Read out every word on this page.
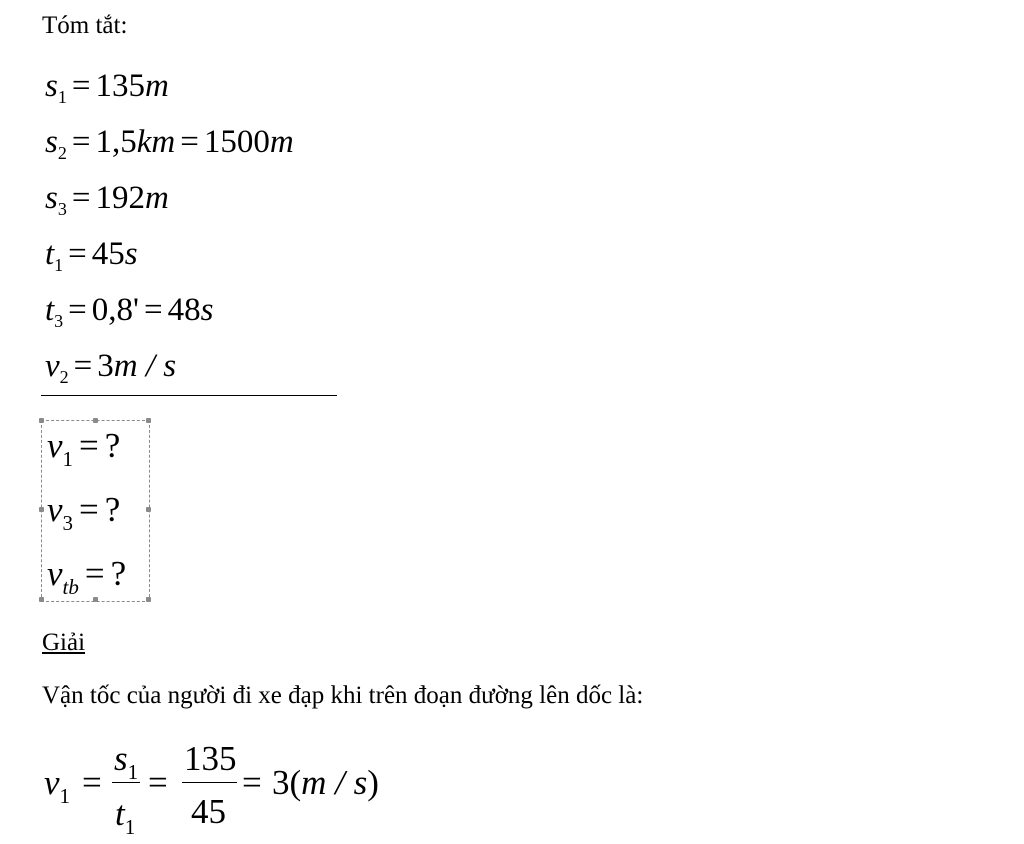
Tóm tắt:
$s_1 = 135m$
$s_2 = 1,5km = 1500m$
$s_3 = 192m$
$t_1 = 45s$
$t_3 = 0,8' = 48s$
$v_2 = 3m / s$
$v_1$ = ?
$v_3$ = ?
$v_{tb}$ = ?
Giải
Vận tốc của người đi xe đạp khi trên đoạn đường lên dốc là:
$v_1$ =
$s_1$
$t_1$
=
135
45
= 3(m / s)
